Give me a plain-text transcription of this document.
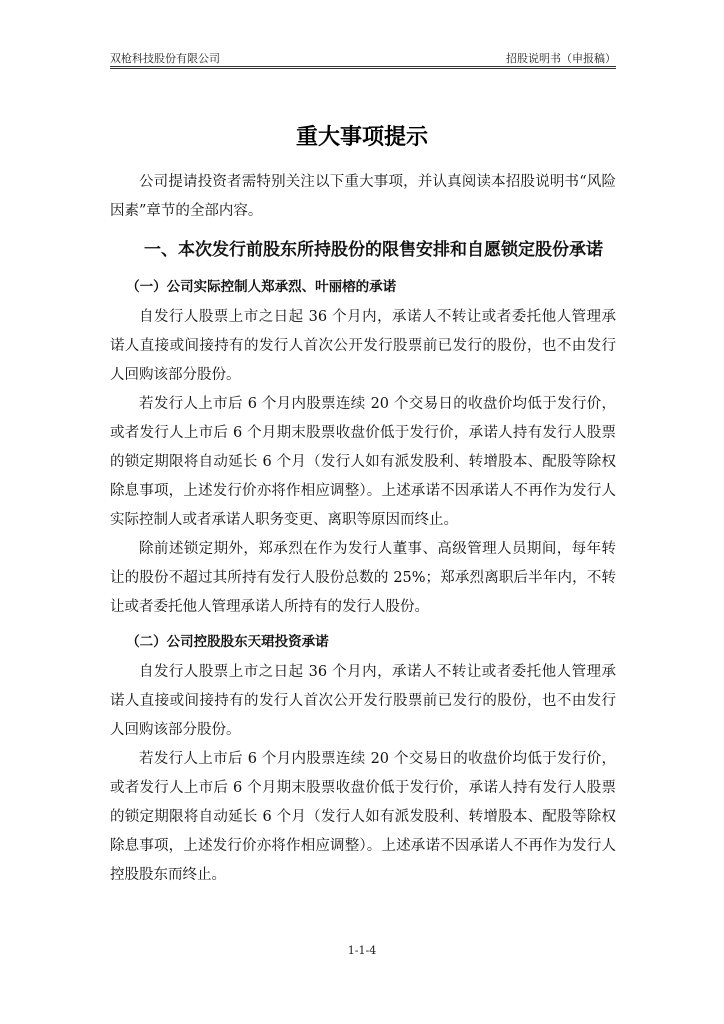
双枪科技股份有限公司	招股说明书（申报稿）
重大事项提示

公司提请投资者需特别关注以下重大事项，并认真阅读本招股说明书“风险因素”章节的全部内容。

一、本次发行前股东所持股份的限售安排和自愿锁定股份承诺
（一）公司实际控制人郑承烈、叶丽榕的承诺

自发行人股票上市之日起 36 个月内，承诺人不转让或者委托他人管理承诺人直接或间接持有的发行人首次公开发行股票前已发行的股份，也不由发行人回购该部分股份。

若发行人上市后 6 个月内股票连续 20 个交易日的收盘价均低于发行价，或者发行人上市后 6 个月期末股票收盘价低于发行价，承诺人持有发行人股票的锁定期限将自动延长 6 个月（发行人如有派发股利、转增股本、配股等除权除息事项，上述发行价亦将作相应调整）。上述承诺不因承诺人不再作为发行人实际控制人或者承诺人职务变更、离职等原因而终止。

除前述锁定期外，郑承烈在作为发行人董事、高级管理人员期间，每年转让的股份不超过其所持有发行人股份总数的 25%；郑承烈离职后半年内，不转让或者委托他人管理承诺人所持有的发行人股份。

（二）公司控股股东天珺投资承诺

自发行人股票上市之日起 36 个月内，承诺人不转让或者委托他人管理承诺人直接或间接持有的发行人首次公开发行股票前已发行的股份，也不由发行人回购该部分股份。

若发行人上市后 6 个月内股票连续 20 个交易日的收盘价均低于发行价，或者发行人上市后 6 个月期末股票收盘价低于发行价，承诺人持有发行人股票的锁定期限将自动延长 6 个月（发行人如有派发股利、转增股本、配股等除权除息事项，上述发行价亦将作相应调整）。上述承诺不因承诺人不再作为发行人控股股东而终止。

1-1-4
